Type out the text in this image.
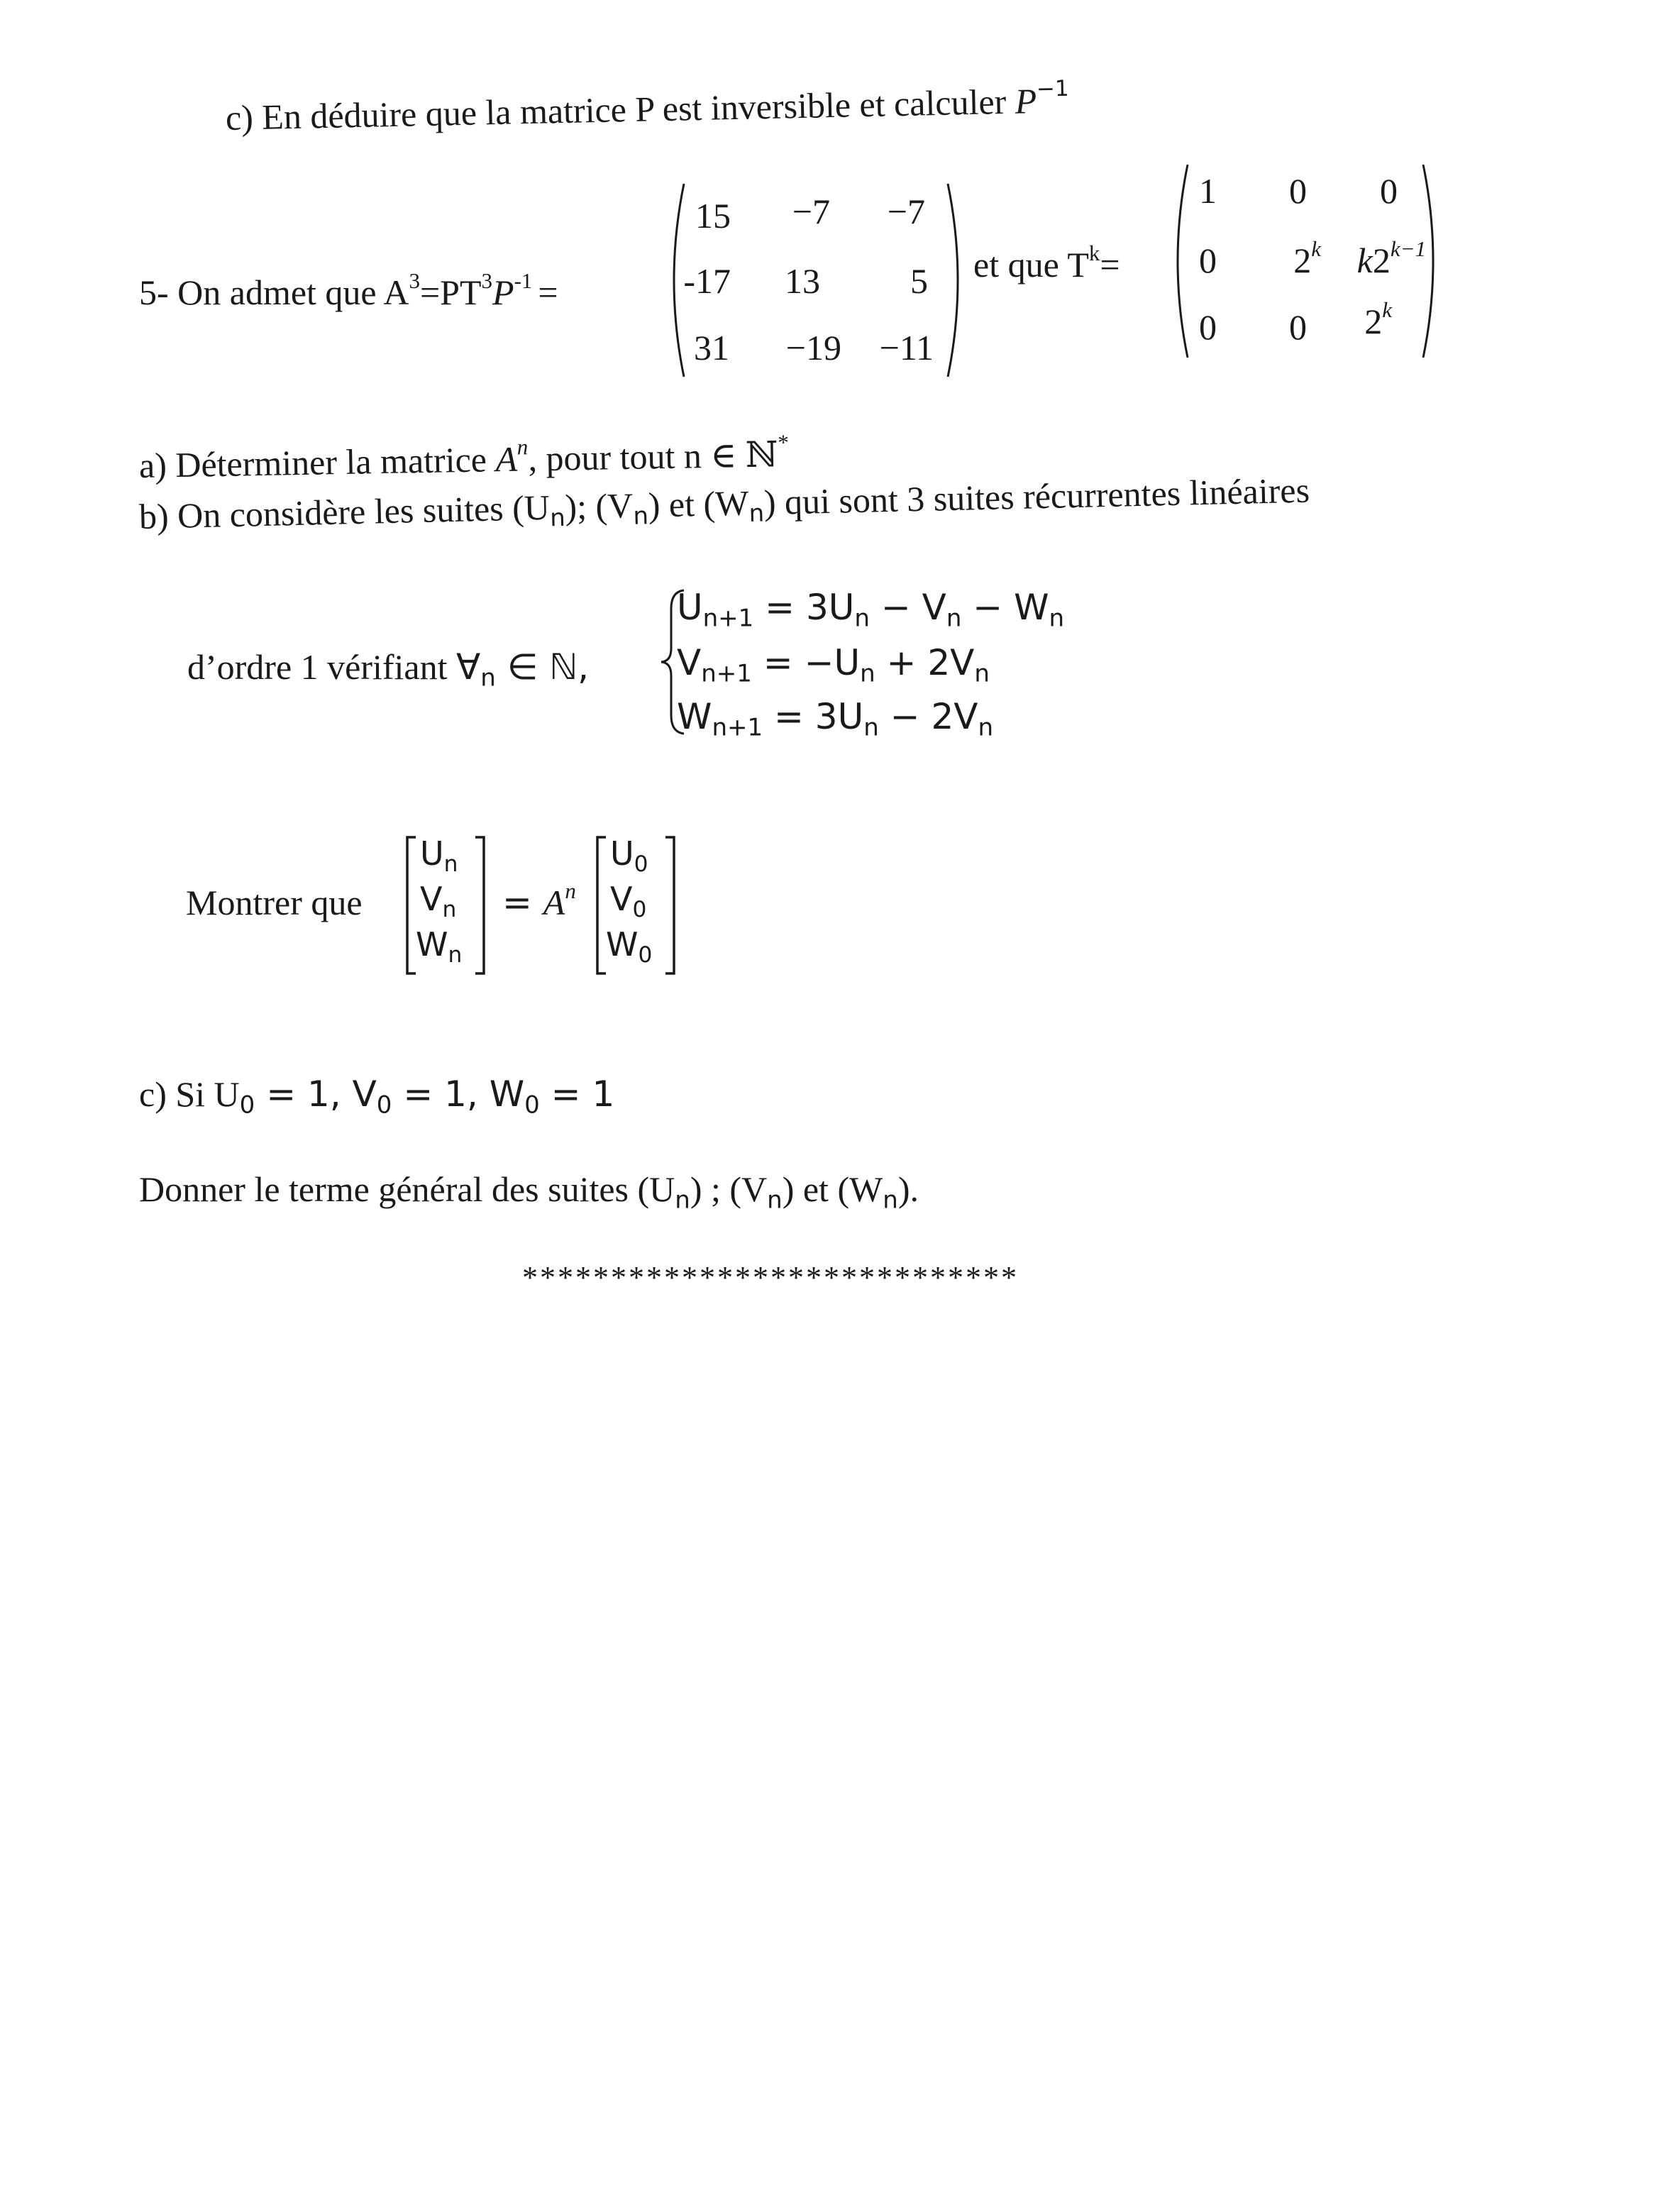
c) En déduire que la matrice P est inversible et calculer $P^{-1}$
5- On admet que $A^3=PT^3P^{-1}$ =
15 −7 −7
-17 13	5
31 −19 −11
et que $T^k=$
1 0 0
0 2$^k$ $k2^{k-1}$
0 0 2$^k$
a) Déterminer la matrice $A^n$, pour tout n ∈ ℕ*
b) On considère les suites $(U_n)$; $(V_n)$ et $(W_n)$ qui sont 3 suites récurrentes linéaires
d’ordre 1 vérifiant $\forall_n$ ∈ ℕ,
$U_{n+1} = 3U_n - V_n - W_n$
$V_{n+1} = -U_n + 2V_n$
$W_{n+1} = 3U_n - 2V_n$
Montrer que
$U_n$
$V_n$
$W_n$
= $A^n$
$U_0$
$V_0$
$W_0$
c) Si $U_0 = 1$, $V_0 = 1$, $W_0 = 1$
Donner le terme général des suites $(U_n)$ ; $(V_n)$ et $(W_n)$.
****************************
